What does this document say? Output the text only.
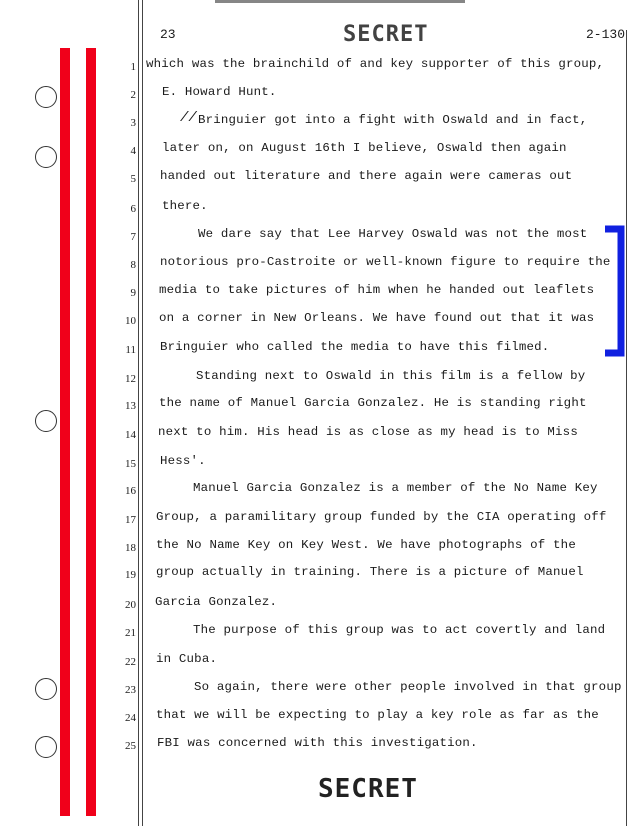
23	SECRET	2-130
1
2
3
4
5
6
7
8
9
10
11
12
13
14
15
16
17
18
19
20
21
22
23
24
25
which was the brainchild of and key supporter of this group,
E. Howard Hunt.
Bringuier got into a fight with Oswald and in fact,
later on, on August 16th I believe, Oswald then again
handed out literature and there again were cameras out
there.
We dare say that Lee Harvey Oswald was not the most
notorious pro-Castroite or well-known figure to require the
media to take pictures of him when he handed out leaflets
on a corner in New Orleans. We have found out that it was
Bringuier who called the media to have this filmed.
Standing next to Oswald in this film is a fellow by
the name of Manuel Garcia Gonzalez. He is standing right
next to him. His head is as close as my head is to Miss
Hess'.
Manuel Garcia Gonzalez is a member of the No Name Key
Group, a paramilitary group funded by the CIA operating off
the No Name Key on Key West. We have photographs of the
group actually in training. There is a picture of Manuel
Garcia Gonzalez.
The purpose of this group was to act covertly and land
in Cuba.
So again, there were other people involved in that group
that we will be expecting to play a key role as far as the
FBI was concerned with this investigation.
//
SECRET
